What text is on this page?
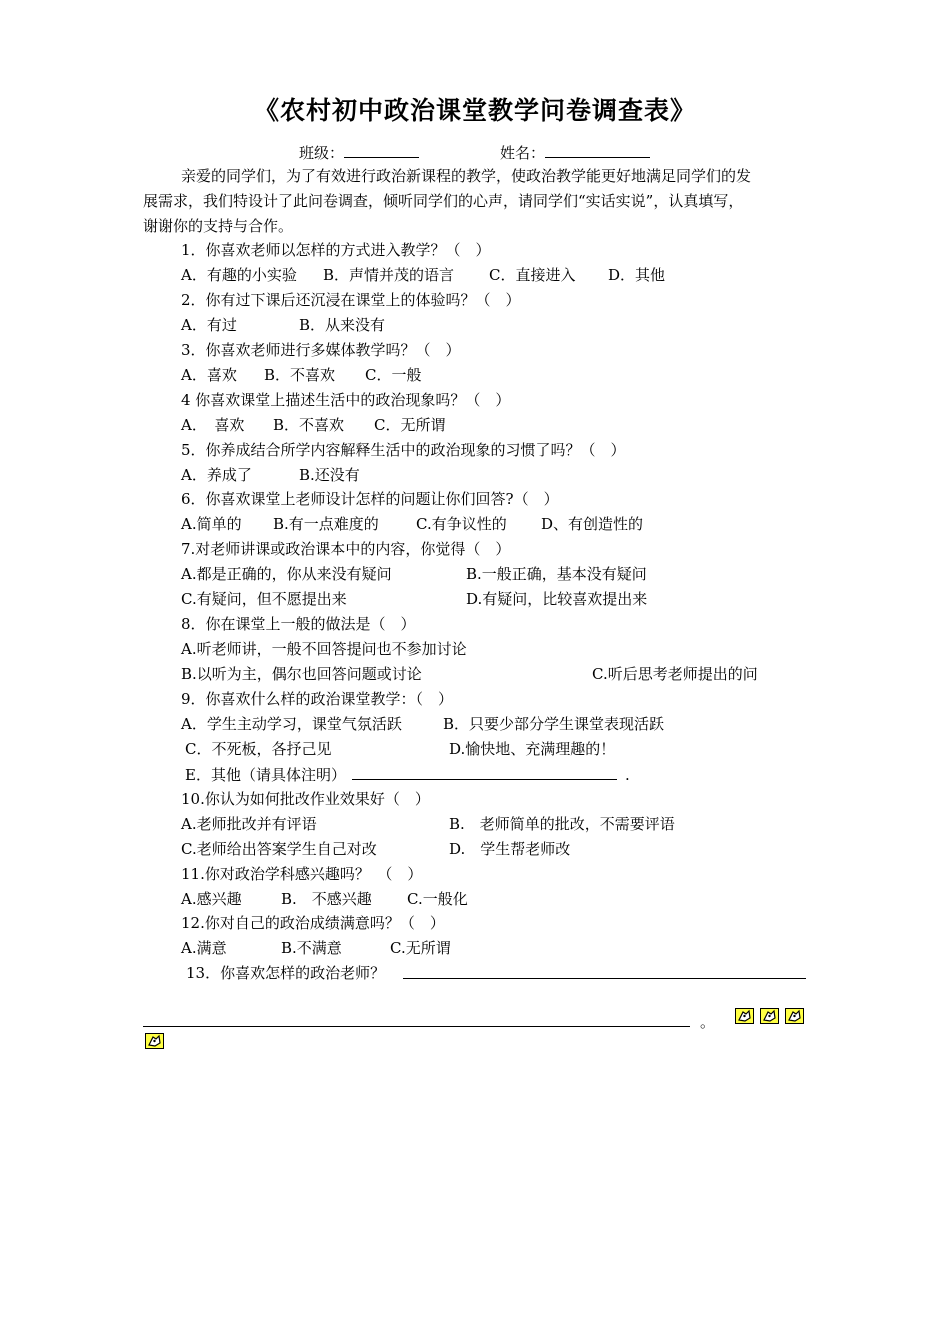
《农村初中政治课堂教学问卷调查表》
班级：	姓名：
亲爱的同学们，为了有效进行政治新课程的教学，使政治教学能更好地满足同学们的发
展需求，我们特设计了此问卷调查，倾听同学们的心声，请同学们“实话实说”，认真填写，
谢谢你的支持与合作。
1．你喜欢老师以怎样的方式进入教学？（　）
A．有趣的小实验 B．声情并茂的语言 C．直接进入 D．其他
2．你有过下课后还沉浸在课堂上的体验吗？（　）
A．有过	B．从来没有
3．你喜欢老师进行多媒体教学吗？（　）
A．喜欢 B．不喜欢 C．一般
4 你喜欢课堂上描述生活中的政治现象吗？（　）
A．　喜欢 B．不喜欢 C．无所谓
5．你养成结合所学内容解释生活中的政治现象的习惯了吗？（　）
A．养成了	B.还没有
6．你喜欢课堂上老师设计怎样的问题让你们回答?（　）
A.简单的 B.有一点难度的 C.有争议性的 D、有创造性的
7.对老师讲课或政治课本中的内容，你觉得（　）
A.都是正确的，你从来没有疑问	B.一般正确，基本没有疑问
C.有疑问，但不愿提出来	D.有疑问，比较喜欢提出来
8．你在课堂上一般的做法是（　）
A.听老师讲，一般不回答提问也不参加讨论
B.以听为主，偶尔也回答问题或讨论	C.听后思考老师提出的问
9．你喜欢什么样的政治课堂教学：（　）
A．学生主动学习，课堂气氛活跃	B．只要少部分学生课堂表现活跃
C．不死板，各抒己见	D.愉快地、充满理趣的！
E．其他（请具体注明）	.
10.你认为如何批改作业效果好（　）
A.老师批改并有评语	B.　老师简单的批改，不需要评语
C.老师给出答案学生自己对改	D.　学生帮老师改
11.你对政治学科感兴趣吗？　（　）
A.感兴趣	B.　不感兴趣 C.一般化
12.你对自己的政治成绩满意吗？（　）
A.满意	B.不满意	C.无所谓
13．你喜欢怎样的政治老师？
。
